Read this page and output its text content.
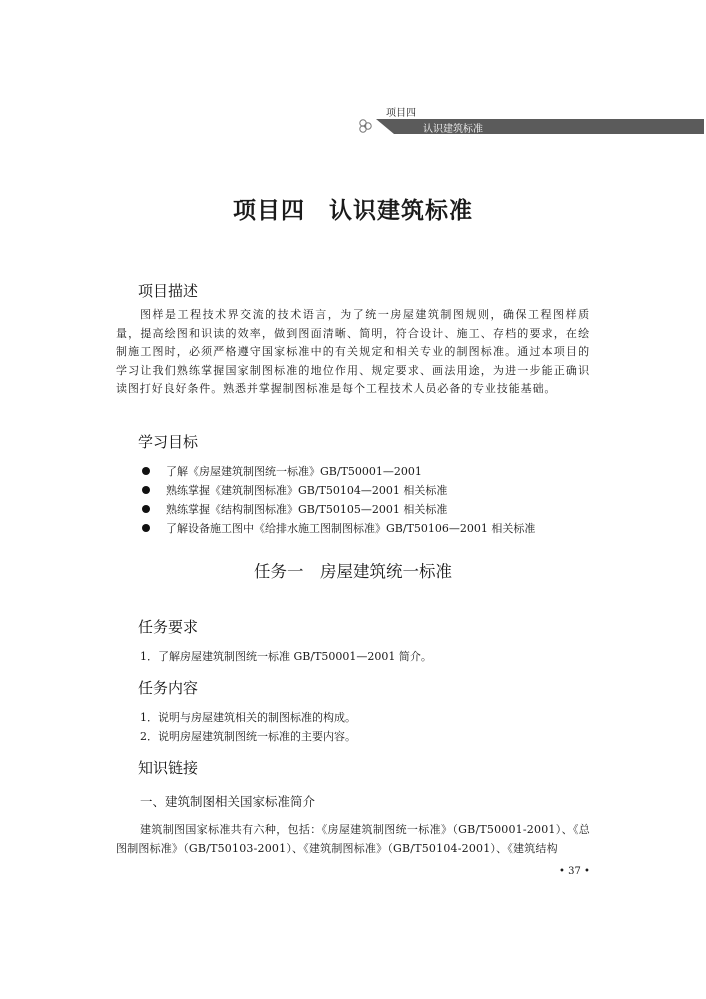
项目四
认识建筑标准
项目四　认识建筑标准
项目描述
图样是工程技术界交流的技术语言，为了统一房屋建筑制图规则，确保工程图样质量，提高绘图和识读的效率，做到图面清晰、简明，符合设计、施工、存档的要求，在绘制施工图时，必须严格遵守国家标准中的有关规定和相关专业的制图标准。通过本项目的学习让我们熟练掌握国家制图标准的地位作用、规定要求、画法用途，为进一步能正确识读图打好良好条件。熟悉并掌握制图标准是每个工程技术人员必备的专业技能基础。
学习目标
了解《房屋建筑制图统一标准》GB/T50001—2001
熟练掌握《建筑制图标准》GB/T50104—2001 相关标准
熟练掌握《结构制图标准》GB/T50105—2001 相关标准
了解设备施工图中《给排水施工图制图标准》GB/T50106—2001 相关标准
任务一　房屋建筑统一标准
任务要求
1．了解房屋建筑制图统一标准 GB/T50001—2001 简介。
任务内容
1．说明与房屋建筑相关的制图标准的构成。
2．说明房屋建筑制图统一标准的主要内容。
知识链接
一、建筑制图相关国家标准简介
建筑制图国家标准共有六种，包括：《房屋建筑制图统一标准》（GB/T50001-2001）、《总图制图标准》（GB/T50103-2001）、《建筑制图标准》（GB/T50104-2001）、《建筑结构
• 37 •
